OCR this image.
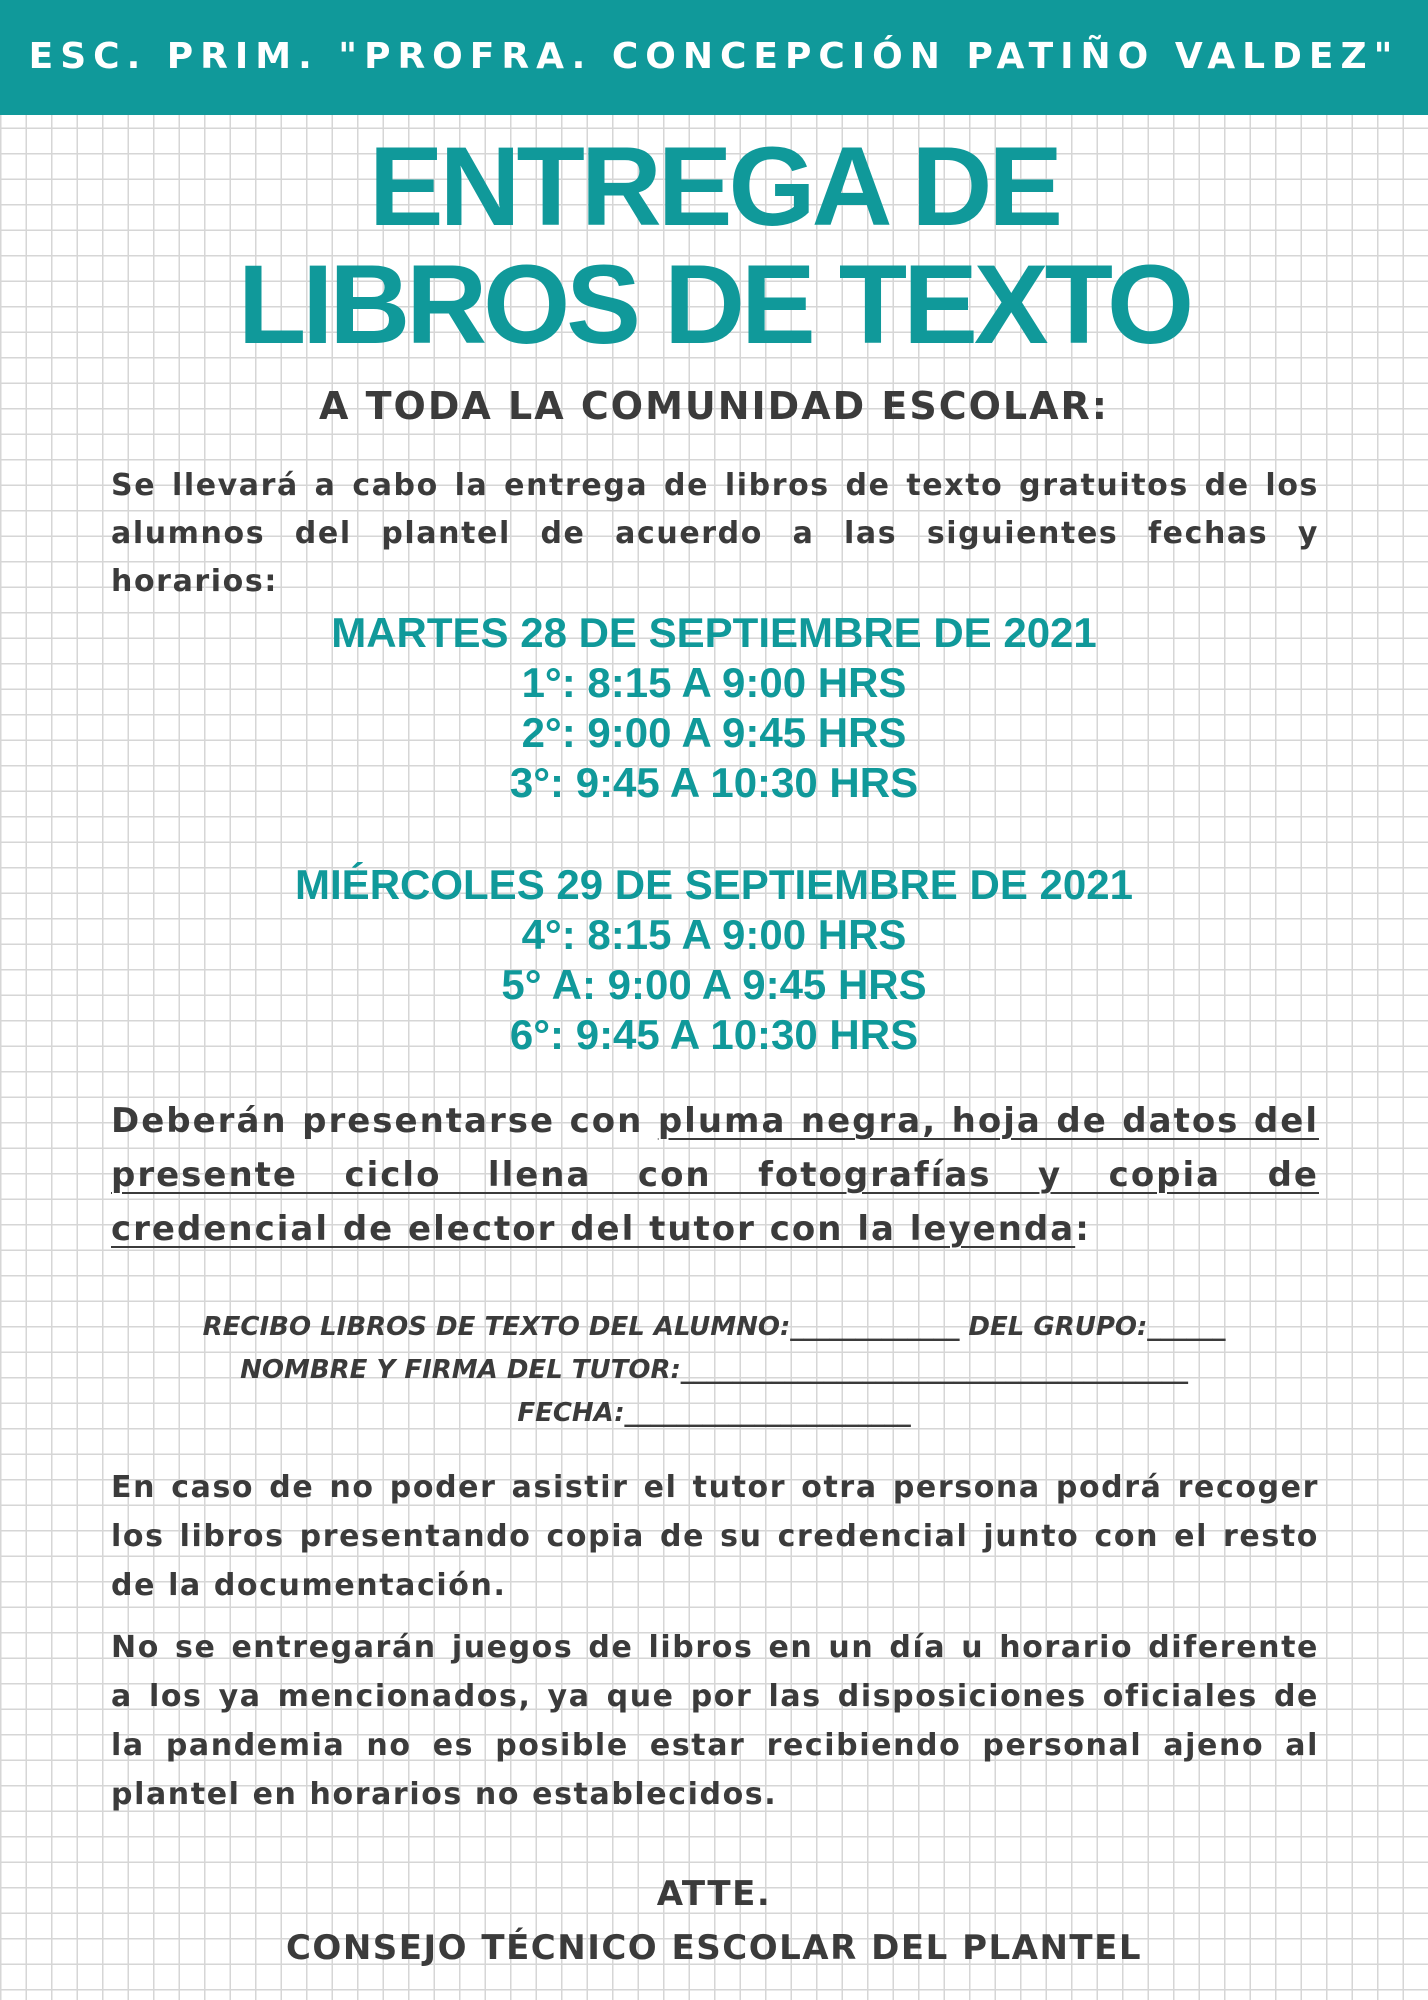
ESC. PRIM. "PROFRA. CONCEPCIÓN PATIÑO VALDEZ"
ENTREGA DE
LIBROS DE TEXTO
A TODA LA COMUNIDAD ESCOLAR:
Se llevará a cabo la entrega de libros de texto gratuitos de los alumnos del plantel de acuerdo a las siguientes fechas y horarios:
MARTES 28 DE SEPTIEMBRE DE 2021
1°: 8:15 A 9:00 HRS
2°: 9:00 A 9:45 HRS
3°: 9:45 A 10:30 HRS
MIÉRCOLES 29 DE SEPTIEMBRE DE 2021
4°: 8:15 A 9:00 HRS
5° A: 9:00 A 9:45 HRS
6°: 9:45 A 10:30 HRS
Deberán presentarse con pluma negra, hoja de datos del presente ciclo llena con fotografías y copia de credencial de elector del tutor con la leyenda:
RECIBO LIBROS DE TEXTO DEL ALUMNO:_____________ DEL GRUPO:______
NOMBRE Y FIRMA DEL TUTOR:_______________________________________
FECHA:______________________
En caso de no poder asistir el tutor otra persona podrá recoger los libros presentando copia de su credencial junto con el resto de la documentación.
No se entregarán juegos de libros en un día u horario diferente a los ya mencionados, ya que por las disposiciones oficiales de la pandemia no es posible estar recibiendo personal ajeno al plantel en horarios no establecidos.
ATTE.
CONSEJO TÉCNICO ESCOLAR DEL PLANTEL
